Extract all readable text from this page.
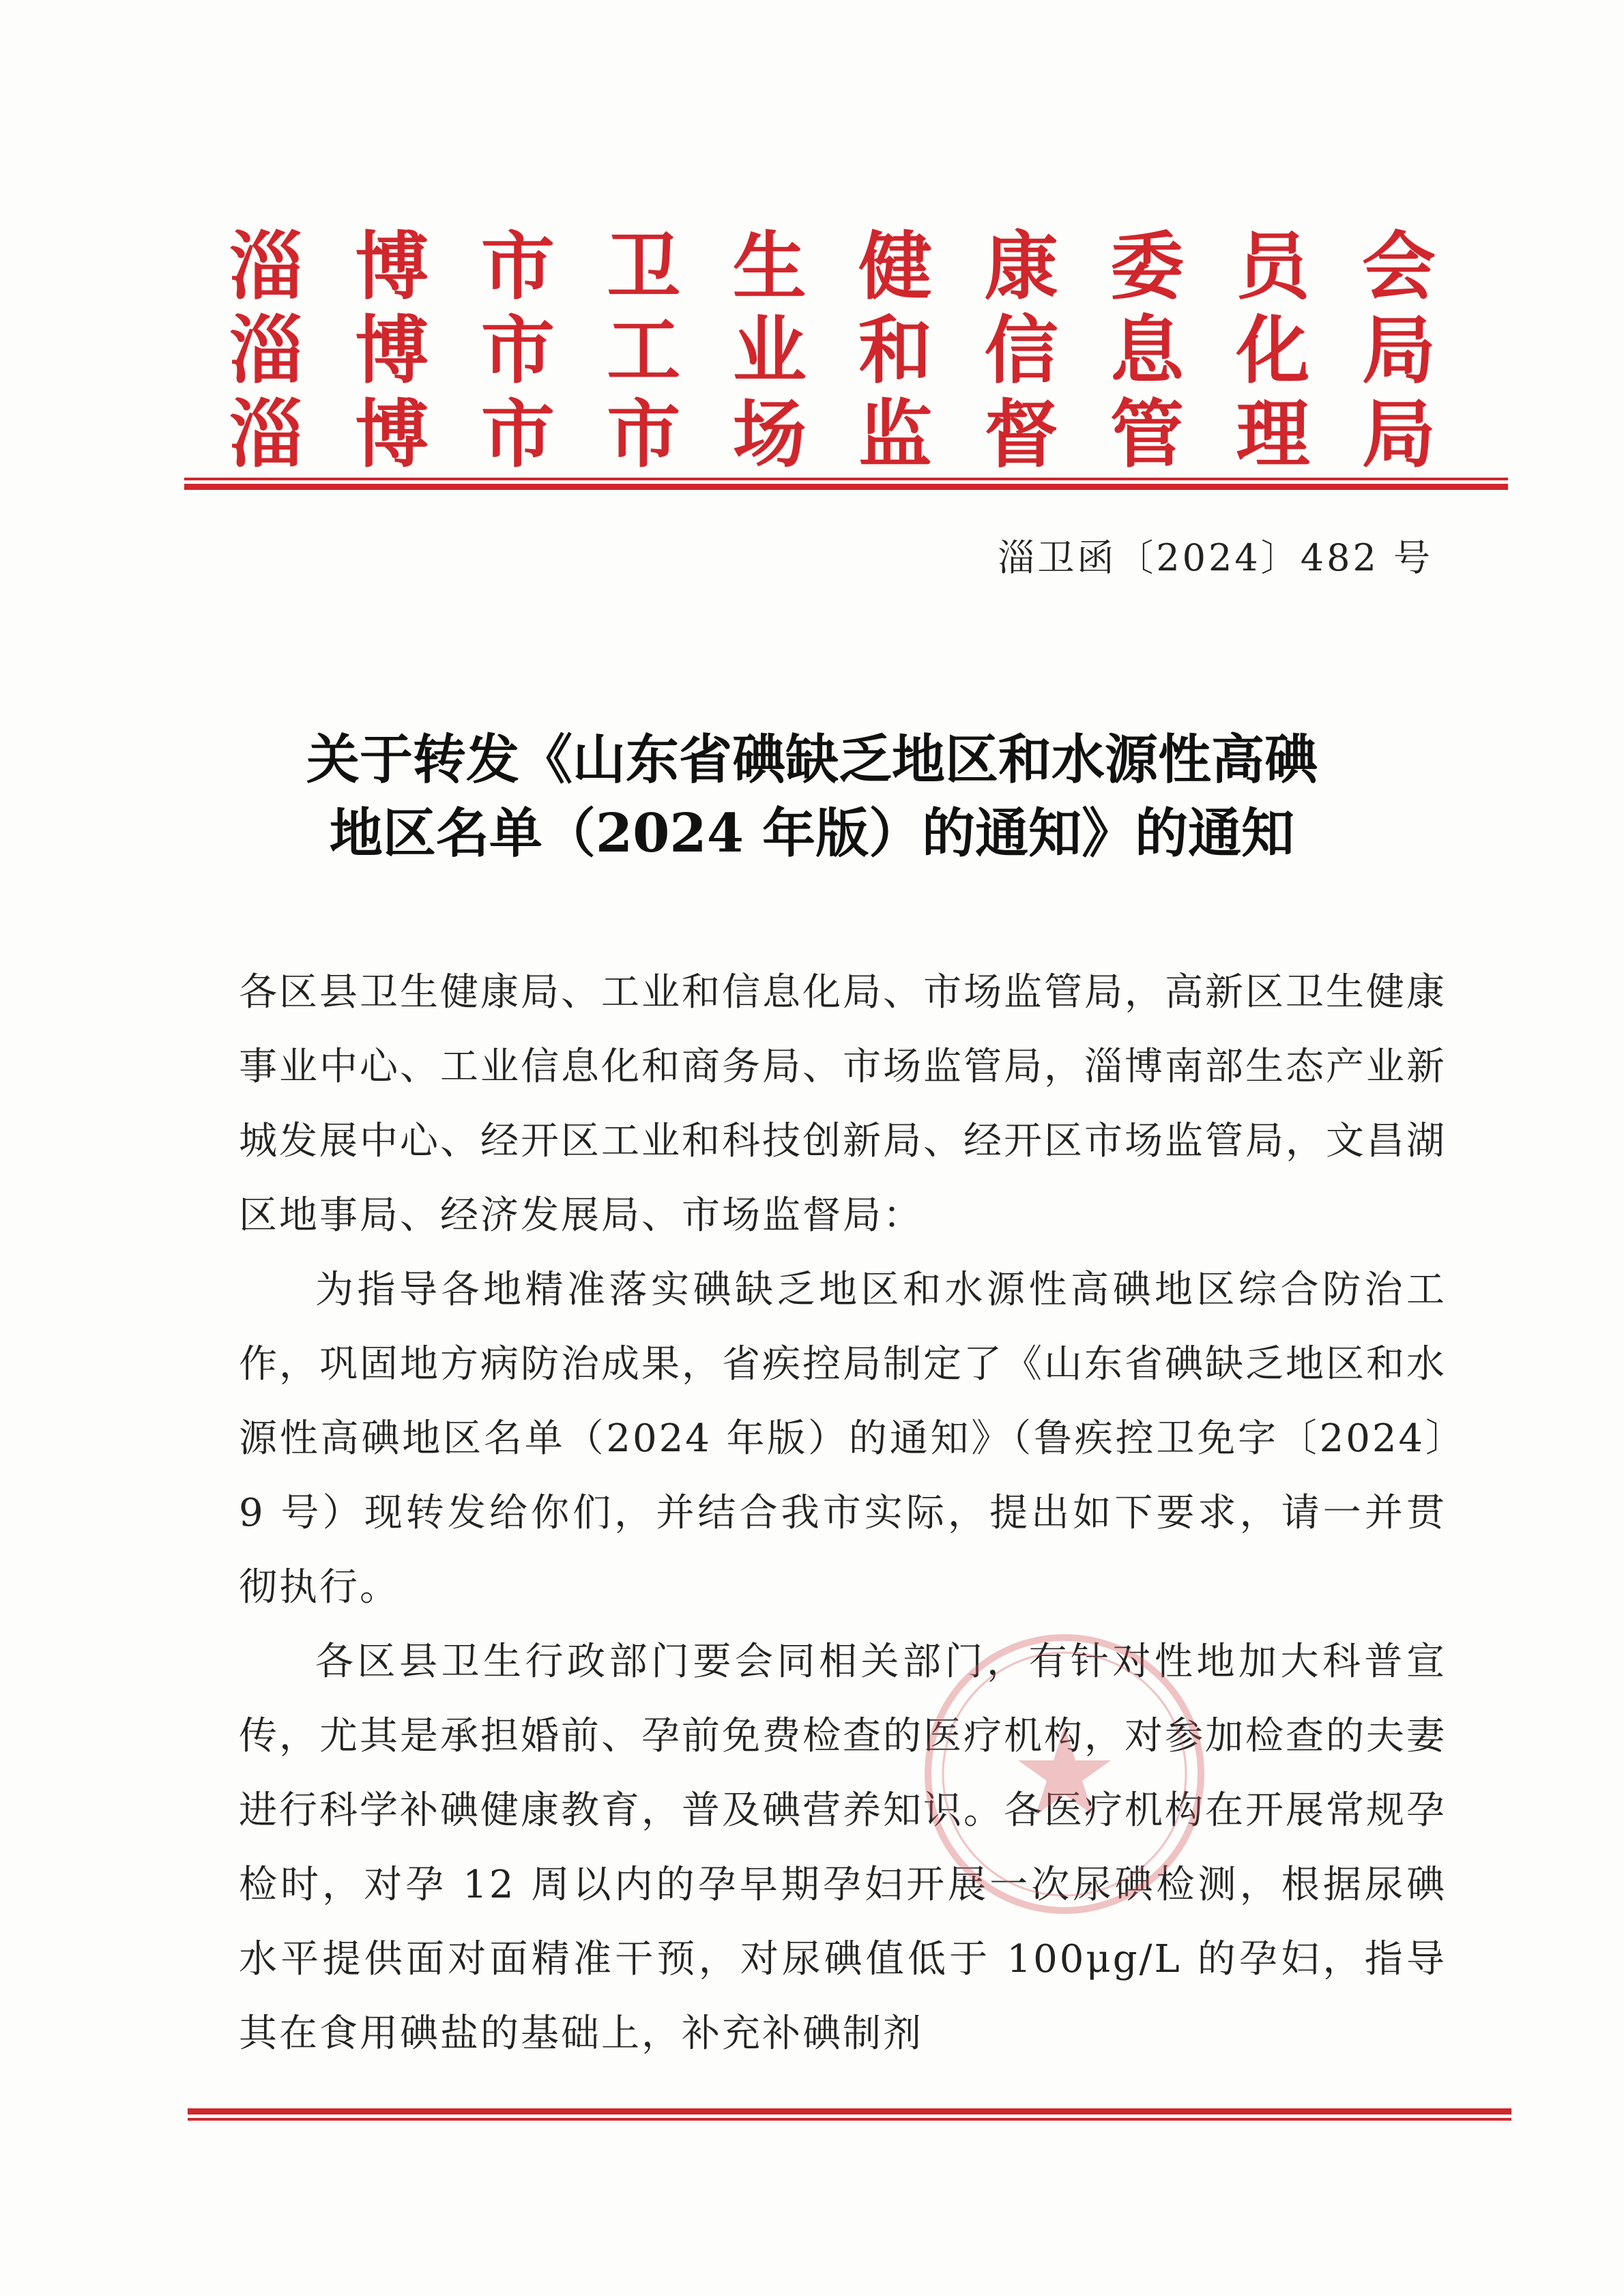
淄 博 市 卫 生 健 康 委 员 会
淄 博 市 工 业 和 信 息 化 局
淄 博 市 市 场 监 督 管 理 局
淄卫函〔2024〕482 号
关于转发《山东省碘缺乏地区和水源性高碘
地区名单（2024 年版）的通知》的通知

各区县卫生健康局、工业和信息化局、市场监管局，高新区卫生健康事业中心、工业信息化和商务局、市场监管局，淄博南部生态产业新城发展中心、经开区工业和科技创新局、经开区市场监管局，文昌湖区地事局、经济发展局、市场监督局：

为指导各地精准落实碘缺乏地区和水源性高碘地区综合防治工作，巩固地方病防治成果，省疾控局制定了《山东省碘缺乏地区和水源性高碘地区名单（2024 年版）的通知》（鲁疾控卫免字〔2024〕9 号）现转发给你们，并结合我市实际，提出如下要求，请一并贯彻执行。

各区县卫生行政部门要会同相关部门，有针对性地加大科普宣传，尤其是承担婚前、孕前免费检查的医疗机构，对参加检查的夫妻进行科学补碘健康教育，普及碘营养知识。各医疗机构在开展常规孕检时，对孕 12 周以内的孕早期孕妇开展一次尿碘检测，根据尿碘水平提供面对面精准干预，对尿碘值低于 100μg/L 的孕妇，指导其在食用碘盐的基础上，补充补碘制剂
